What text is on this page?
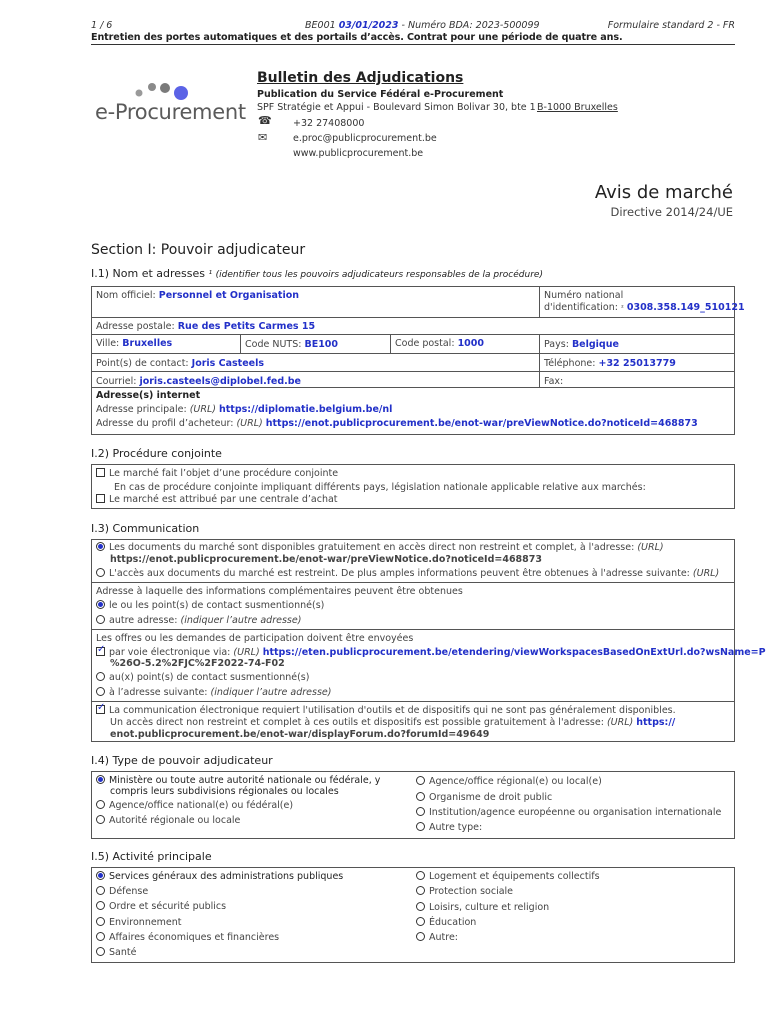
1 / 6	BE001 03/01/2023 - Numéro BDA: 2023-500099	Formulaire standard 2 - FR
Entretien des portes automatiques et des portails d’accès. Contrat pour une période de quatre ans.
e-Procurement
Bulletin des Adjudications
Publication du Service Fédéral e-Procurement
SPF Stratégie et Appui - Boulevard Simon Bolivar 30, bte 1 B-1000 Bruxelles
☎ +32 27408000
✉	e.proc@publicprocurement.be
www.publicprocurement.be
Avis de marché
Directive 2014/24/UE
Section I: Pouvoir adjudicateur
I.1) Nom et adresses ¹ (identifier tous les pouvoirs adjudicateurs responsables de la procédure)
Nom officiel: Personnel et Organisation	Numéro national
d'identification: ² 0308.358.149_510121
Adresse postale: Rue des Petits Carmes 15
Ville: Bruxelles	Code NUTS: BE100	Code postal: 1000	Pays: Belgique
Point(s) de contact: Joris Casteels	Téléphone: +32 25013779
Courriel: joris.casteels@diplobel.fed.be	Fax:
Adresse(s) internet
Adresse principale: (URL) https://diplomatie.belgium.be/nl
Adresse du profil d’acheteur: (URL) https://enot.publicprocurement.be/enot-war/preViewNotice.do?noticeId=468873
I.2) Procédure conjointe
Le marché fait l’objet d’une procédure conjointe
En cas de procédure conjointe impliquant différents pays, législation nationale applicable relative aux marchés:
Le marché est attribué par une centrale d’achat
I.3) Communication
Les documents du marché sont disponibles gratuitement en accès direct non restreint et complet, à l'adresse: (URL)
https://enot.publicprocurement.be/enot-war/preViewNotice.do?noticeId=468873
L'accès aux documents du marché est restreint. De plus amples informations peuvent être obtenues à l'adresse suivante: (URL)
Adresse à laquelle des informations complémentaires peuvent être obtenues
le ou les point(s) de contact susmentionné(s)
autre adresse: (indiquer l’autre adresse)
Les offres ou les demandes de participation doivent être envoyées
✓par voie électronique via: (URL) https://eten.publicprocurement.be/etendering/viewWorkspacesBasedOnExtUrl.do?wsName=P
%26O-5.2%2FJC%2F2022-74-F02
au(x) point(s) de contact susmentionné(s)
à l’adresse suivante: (indiquer l’autre adresse)
✓La communication électronique requiert l'utilisation d'outils et de dispositifs qui ne sont pas généralement disponibles.
Un accès direct non restreint et complet à ces outils et dispositifs est possible gratuitement à l'adresse: (URL) https://
enot.publicprocurement.be/enot-war/displayForum.do?forumId=49649
I.4) Type de pouvoir adjudicateur
Ministère ou toute autre autorité nationale ou fédérale, y
compris leurs subdivisions régionales ou locales
Agence/office national(e) ou fédéral(e)
Autorité régionale ou locale
Agence/office régional(e) ou local(e)
Organisme de droit public
Institution/agence européenne ou organisation internationale
Autre type:
I.5) Activité principale
Services généraux des administrations publiques
Défense
Ordre et sécurité publics
Environnement
Affaires économiques et financières
Santé
Logement et équipements collectifs
Protection sociale
Loisirs, culture et religion
Éducation
Autre:
